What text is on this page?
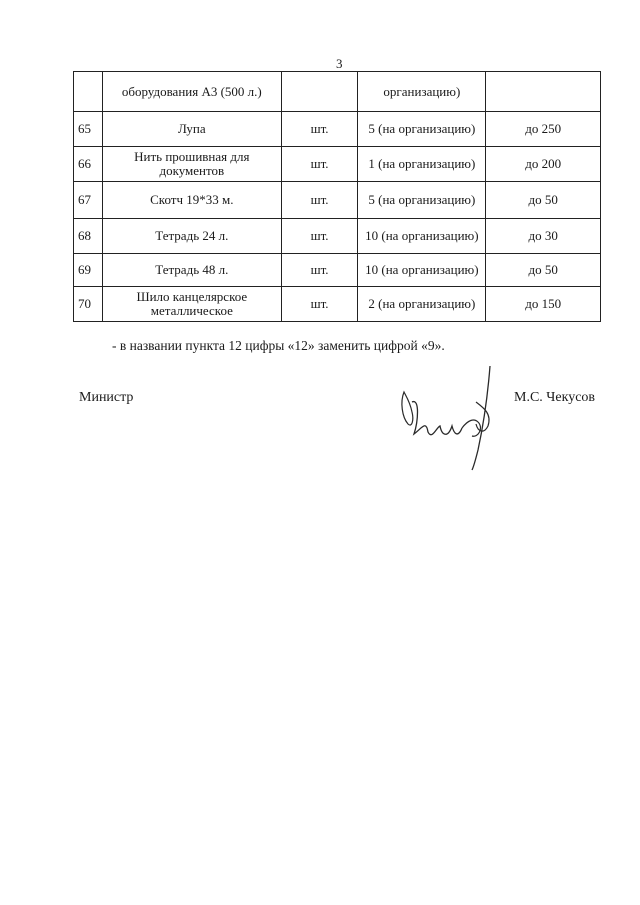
3
	оборудования А3 (500 л.)		организацию)	
65	Лупа	шт.	5 (на организацию)	до 250
66	Нить прошивная для документов	шт.	1 (на организацию)	до 200
67	Скотч 19*33 м.	шт.	5 (на организацию)	до 50
68	Тетрадь 24 л.	шт.	10 (на организацию)	до 30
69	Тетрадь 48 л.	шт.	10 (на организацию)	до 50
70	Шило канцелярское металлическое	шт.	2 (на организацию)	до 150
- в названии пункта 12 цифры «12» заменить цифрой «9».
Министр	М.С. Чекусов
